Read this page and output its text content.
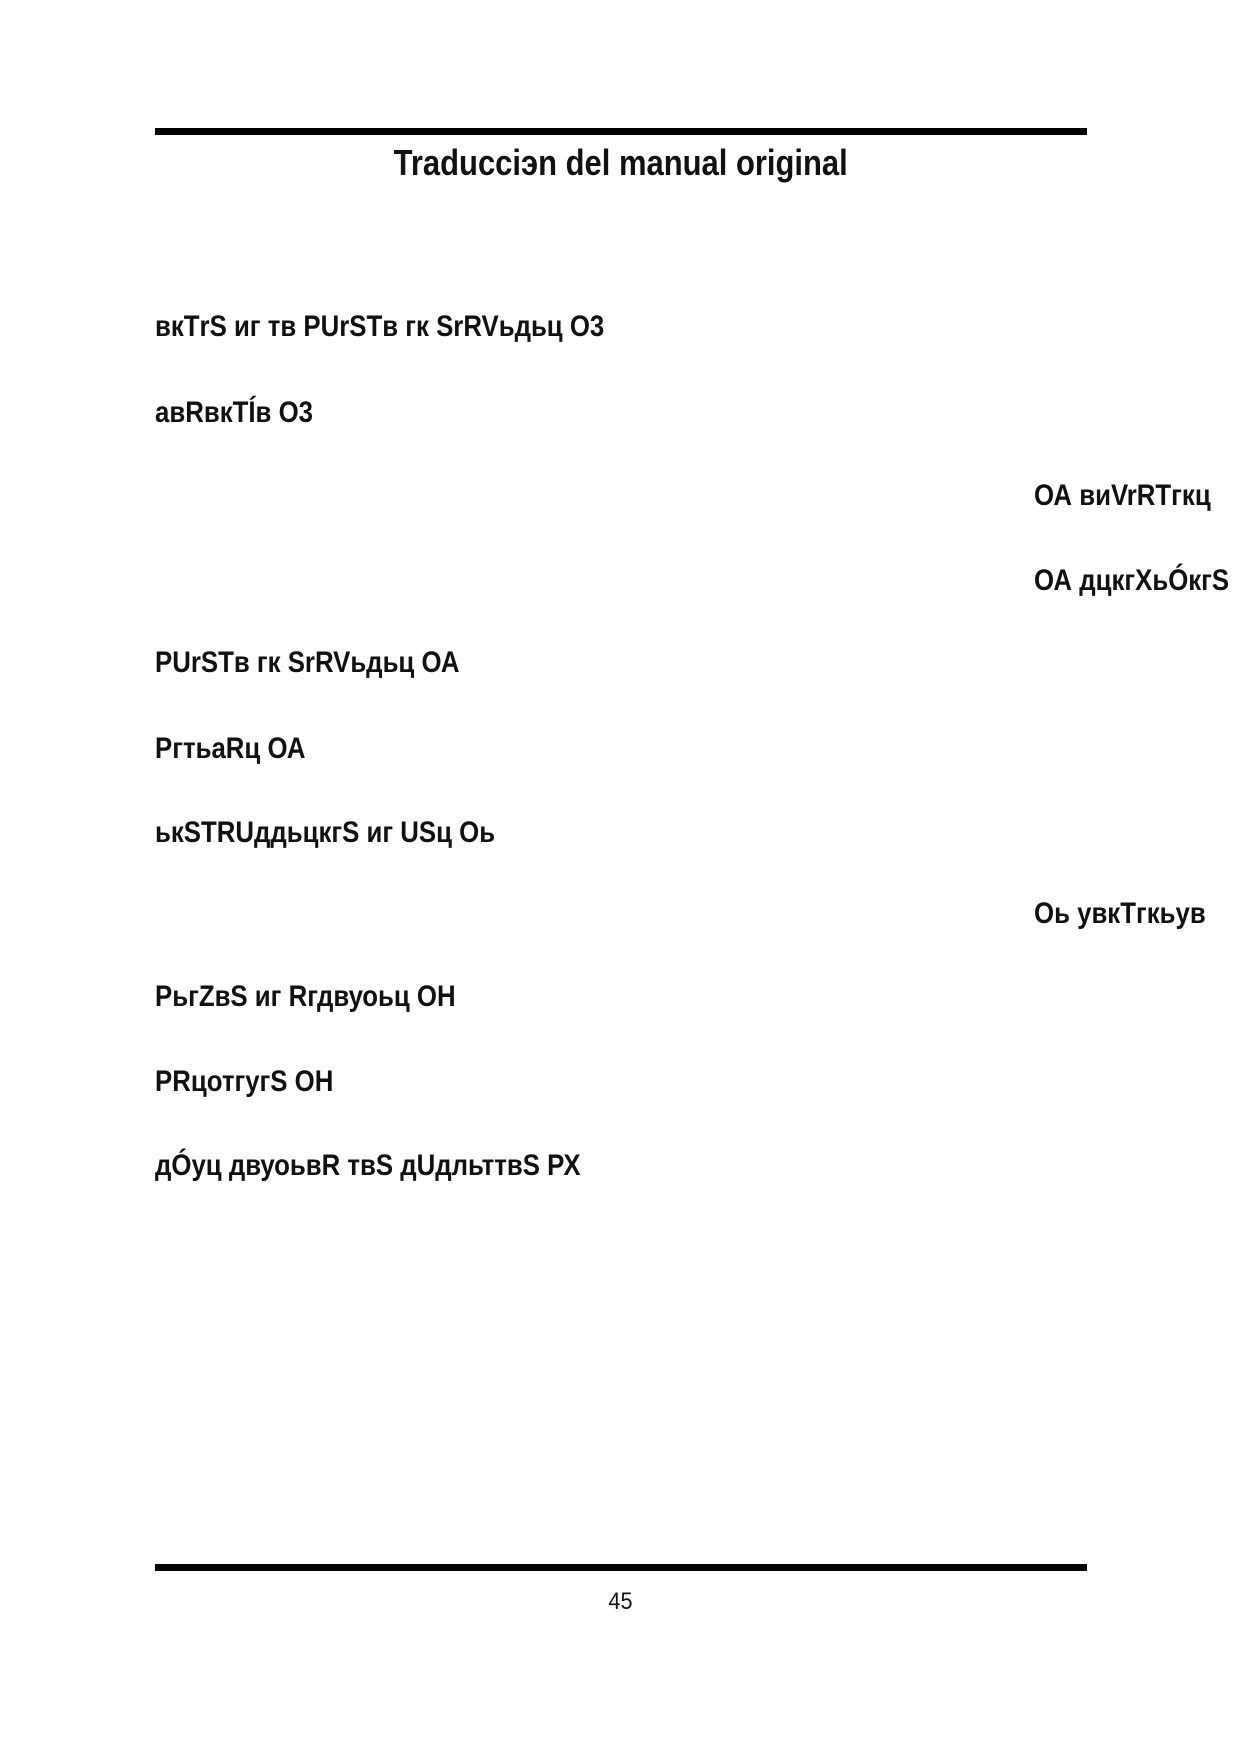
Traducciэn del manual original
вкТrS иг тв PUrSTв гк SrRVьдьц О3
авRвкТÍв О3
ОА виVrRTгкц
ОА дцкгХьÓкгS
PUrSTв гк SrRVьдьц ОА
РгтьаRц ОА
ькSTRUддьцкгS иг USц Оь
Оь увкТгкьув
РьгZвS иг Rгдвуоьц ОН
PRцотгугS ОН
дÓуц двуоьвR твS дUдльттвS РХ
45
